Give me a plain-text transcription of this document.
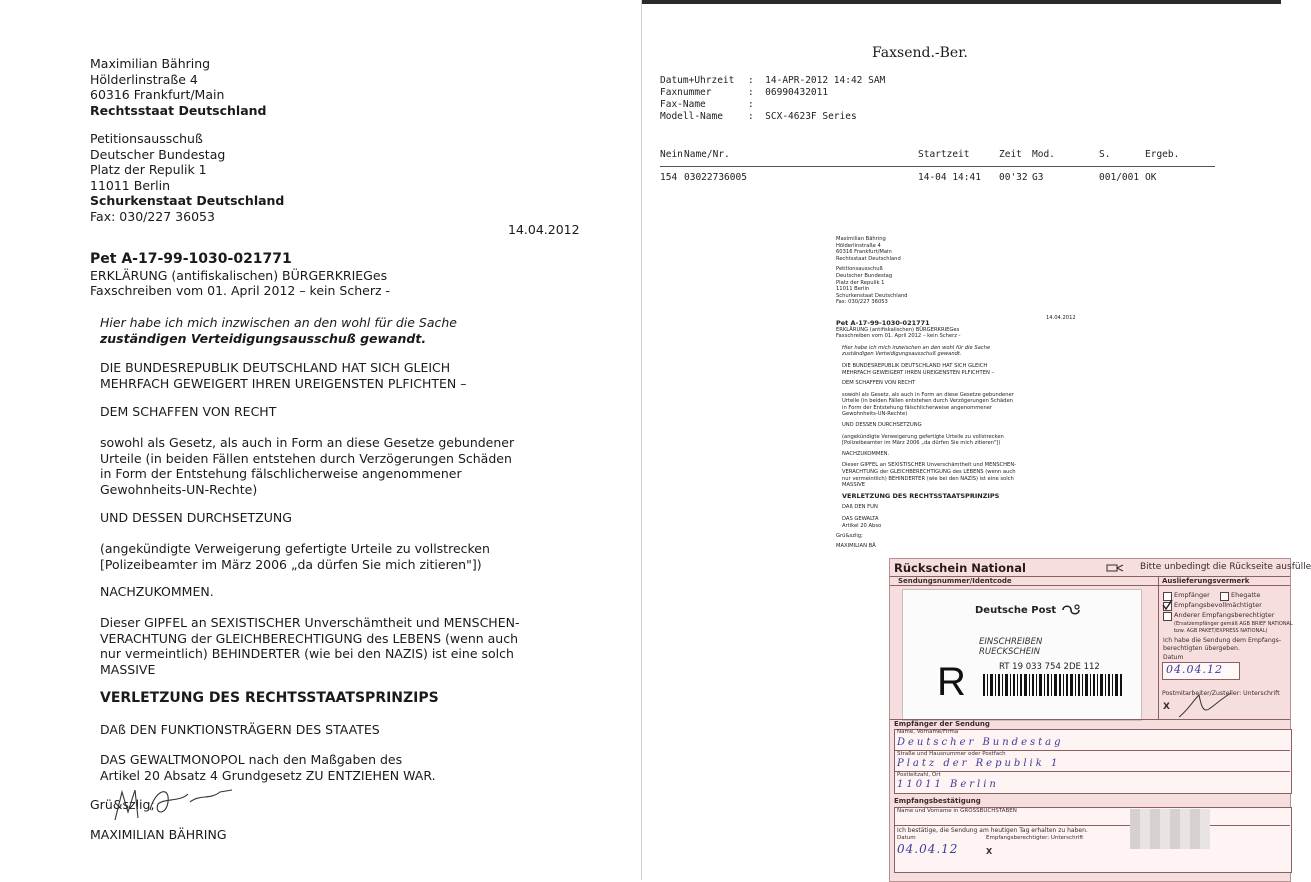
Maximilian Bähring
Hölderlinstraße 4
60316 Frankfurt/Main
Rechtsstaat Deutschland
Petitionsausschuß
Deutscher Bundestag
Platz der Repulik 1
11011 Berlin
Schurkenstaat Deutschland
Fax: 030/227 36053
14.04.2012
Pet A-17-99-1030-021771
ERKLÄRUNG (antifiskalischen) BÜRGERKRIEGes
Faxschreiben vom 01. April 2012 – kein Scherz -
Hier habe ich mich inzwischen an den wohl für die Sache
zuständigen Verteidigungsausschuß gewandt.
DIE BUNDESREPUBLIK DEUTSCHLAND HAT SICH GLEICH
MEHRFACH GEWEIGERT IHREN UREIGENSTEN PLFICHTEN –
DEM SCHAFFEN VON RECHT
sowohl als Gesetz, als auch in Form an diese Gesetze gebundener
Urteile (in beiden Fällen entstehen durch Verzögerungen Schäden
in Form der Entstehung fälschlicherweise angenommener
Gewohnheits-UN-Rechte)
UND DESSEN DURCHSETZUNG
(angekündigte Verweigerung gefertigte Urteile zu vollstrecken
[Polizeibeamter im März 2006 „da dürfen Sie mich zitieren"])
NACHZUKOMMEN.
Dieser GIPFEL an SEXISTISCHER Unverschämtheit und MENSCHEN-
VERACHTUNG der GLEICHBERECHTIGUNG des LEBENS (wenn auch
nur vermeintlich) BEHINDERTER (wie bei den NAZIS) ist eine solch
MASSIVE
VERLETZUNG DES RECHTSSTAATSPRINZIPS
DAß DEN FUNKTIONSTRÄGERN DES STAATES
DAS GEWALTMONOPOL nach den Maßgaben des
Artikel 20 Absatz 4 Grundgesetz ZU ENTZIEHEN WAR.
Grü&szlig;
MAXIMILIAN BÄHRING
Faxsend.-Ber.
Datum+Uhrzeit :  14-APR-2012 14:42 SAM
Faxnummer	:  06990432011
Fax-Name	:
Modell-Name	:  SCX-4623F Series
Nein Name/Nr.	Startzeit	Zeit Mod.	S.	Ergeb.
154 03022736005	14-04 14:41 00'32 G3	001/001 OK
Maximilian Bähring
Hölderlinstraße 4
60316 Frankfurt/Main
Rechtsstaat Deutschland
Petitionsausschuß
Deutscher Bundestag
Platz der Repulik 1
11011 Berlin
Schurkenstaat Deutschland
Fax: 030/227 36053
Pet A-17-99-1030-021771
ERKLÄRUNG (antifiskalischen) BÜRGERKRIEGes
Faxschreiben vom 01. April 2012 – kein Scherz -
Hier habe ich mich inzwischen an den wohl für die Sache
zuständigen Verteidigungsausschuß gewandt.
DIE BUNDESREPUBLIK DEUTSCHLAND HAT SICH GLEICH
MEHRFACH GEWEIGERT IHREN UREIGENSTEN PLFICHTEN –
DEM SCHAFFEN VON RECHT
sowohl als Gesetz, als auch in Form an diese Gesetze gebundener
Urteile (in beiden Fällen entstehen durch Verzögerungen Schäden
in Form der Entstehung fälschlicherweise angenommener
Gewohnheits-UN-Rechte)
UND DESSEN DURCHSETZUNG
(angekündigte Verweigerung gefertigte Urteile zu vollstrecken
[Polizeibeamter im März 2006 „da dürfen Sie mich zitieren"])
NACHZUKOMMEN.
Dieser GIPFEL an SEXISTISCHER Unverschämtheit und MENSCHEN-
VERACHTUNG der GLEICHBERECHTIGUNG des LEBENS (wenn auch
nur vermeintlich) BEHINDERTER (wie bei den NAZIS) ist eine solch
MASSIVE
VERLETZUNG DES RECHTSSTAATSPRINZIPS
DAß DEN FUN
DAS GEWALTA
Artikel 20 Abso
Grü&szlig;
MAXIMILIAN BÄ
14.04.2012
Rückschein National	Bitte unbedingt die Rückseite ausfülle
Sendungsnummer/Identcode
Deutsche Post
EINSCHREIBEN
RUECKSCHEIN
R	RT 19 033 754 2DE 112
Auslieferungsvermerk
Empfänger	Ehegatte
Empfangsbevollmächtigter
Anderer Empfangsberechtigter
(Ersatzempfänger gemäß AGB BRIEF NATIONAL
bzw. AGB PAKET/EXPRESS NATIONAL)
Ich habe die Sendung dem Empfangs-
berechtigten übergeben.
Datum
04.04.12
Postmitarbeiter/Zusteller: Unterschrift
X
Empfänger der Sendung
Name, Vorname/Firma
Deutscher Bundestag
Straße und Hausnummer oder Postfach
Platz der Republik 1
Postleitzahl, Ort
11011 Berlin
Empfangsbestätigung
Name und Vorname in GROSSBUCHSTABEN
Ich bestätige, die Sendung am heutigen Tag erhalten zu haben.
Datum
04.04.12
Empfangsberechtigter: Unterschrift
X
